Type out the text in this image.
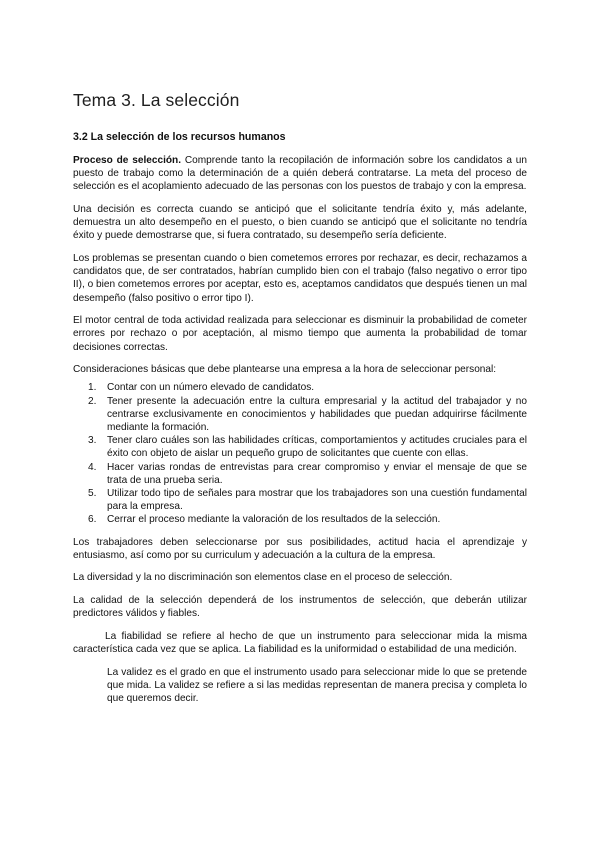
Tema 3. La selección
3.2 La selección de los recursos humanos

Proceso de selección. Comprende tanto la recopilación de información sobre los candidatos a un puesto de trabajo como la determinación de a quién deberá contratarse. La meta del proceso de selección es el acoplamiento adecuado de las personas con los puestos de trabajo y con la empresa.

Una decisión es correcta cuando se anticipó que el solicitante tendría éxito y, más adelante, demuestra un alto desempeño en el puesto, o bien cuando se anticipó que el solicitante no tendría éxito y puede demostrarse que, si fuera contratado, su desempeño sería deficiente.

Los problemas se presentan cuando o bien cometemos errores por rechazar, es decir, rechazamos a candidatos que, de ser contratados, habrían cumplido bien con el trabajo (falso negativo o error tipo II), o bien cometemos errores por aceptar, esto es, aceptamos candidatos que después tienen un mal desempeño (falso positivo o error tipo I).

El motor central de toda actividad realizada para seleccionar es disminuir la probabilidad de cometer errores por rechazo o por aceptación, al mismo tiempo que aumenta la probabilidad de tomar decisiones correctas.

Consideraciones básicas que debe plantearse una empresa a la hora de seleccionar personal:

1. Contar con un número elevado de candidatos.
2. Tener presente la adecuación entre la cultura empresarial y la actitud del trabajador y no centrarse exclusivamente en conocimientos y habilidades que puedan adquirirse fácilmente mediante la formación.
3. Tener claro cuáles son las habilidades críticas, comportamientos y actitudes cruciales para el éxito con objeto de aislar un pequeño grupo de solicitantes que cuente con ellas.
4. Hacer varias rondas de entrevistas para crear compromiso y enviar el mensaje de que se trata de una prueba seria.
5. Utilizar todo tipo de señales para mostrar que los trabajadores son una cuestión fundamental para la empresa.
6. Cerrar el proceso mediante la valoración de los resultados de la selección.

Los trabajadores deben seleccionarse por sus posibilidades, actitud hacia el aprendizaje y entusiasmo, así como por su curriculum y adecuación a la cultura de la empresa.

La diversidad y la no discriminación son elementos clase en el proceso de selección.

La calidad de la selección dependerá de los instrumentos de selección, que deberán utilizar predictores válidos y fiables.

La fiabilidad se refiere al hecho de que un instrumento para seleccionar mida la misma característica cada vez que se aplica. La fiabilidad es la uniformidad o estabilidad de una medición.

La validez es el grado en que el instrumento usado para seleccionar mide lo que se pretende que mida. La validez se refiere a si las medidas representan de manera precisa y completa lo que queremos decir.
